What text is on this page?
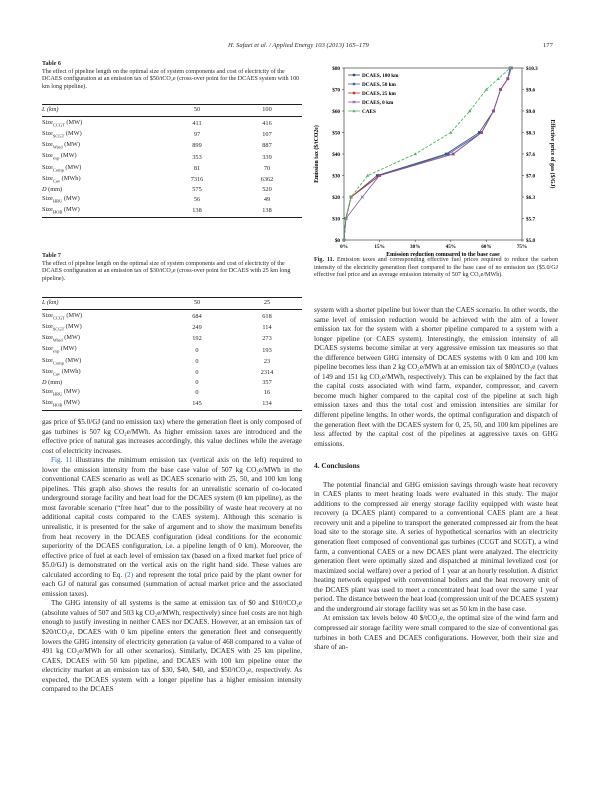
H. Safaei et al. / Applied Energy 103 (2013) 165–179	177
Table 6
The effect of pipeline length on the optimal size of system components and cost of electricity of the DCAES configuration at an emission tax of $50/tCO₂e (cross-over point for the DCAES system with 100 km long pipeline).
L (km)	50	100
Size$_{CCGT}$ (MW)	411	416
Size$_{SCGT}$ (MW)	97	107
Size$_{Wind}$ (MW)	899	887
Size$_{exp}$ (MW)	353	339
Size$_{Comp}$ (MW)	81	70
Size$_{Cav}$ (MWh)	7316	6362
D (mm)	575	520
Size$_{HRU}$ (MW)	56	49
Size$_{HOB}$ (MW)	138	138
Table 7
The effect of pipeline length on the optimal size of system components and cost of electricity of the DCAES configuration at an emission tax of $30/tCO₂e (cross-over point for DCAES with 25 km long pipeline).
L (km)	50	25
Size$_{CCGT}$ (MW)	684	618
Size$_{SCGT}$ (MW)	249	114
Size$_{Wind}$ (MW)	192	273
Size$_{exp}$ (MW)	0	193
Size$_{Comp}$ (MW)	0	23
Size$_{Cav}$ (MWh)	0	2314
D (mm)	0	357
Size$_{HRU}$ (MW)	0	16
Size$_{HOB}$ (MW)	145	134

gas price of $5.0/GJ (and no emission tax) where the generation fleet is only composed of gas turbines is 507 kg CO₂e/MWh. As higher emission taxes are introduced and the effective price of natural gas increases accordingly, this value declines while the average cost of electricity increases.

Fig. 11 illustrates the minimum emission tax (vertical axis on the left) required to lower the emission intensity from the base case value of 507 kg CO₂e/MWh in the conventional CAES scenario as well as DCAES scenario with 25, 50, and 100 km long pipelines. This graph also shows the results for an unrealistic scenario of co-located underground storage facility and heat load for the DCAES system (0 km pipeline), as the most favorable scenario (“free heat” due to the possibility of waste heat recovery at no additional capital costs compared to the CAES system). Although this scenario is unrealistic, it is presented for the sake of argument and to show the maximum benefits from heat recovery in the DCAES configuration (ideal conditions for the economic superiority of the DCAES configuration, i.e. a pipeline length of 0 km). Moreover, the effective price of fuel at each level of emission tax (based on a fixed market fuel price of $5.0/GJ) is demonstrated on the vertical axis on the right hand side. These values are calculated according to Eq. (2) and represent the total price paid by the plant owner for each GJ of natural gas consumed (summation of actual market price and the associated emission taxes).

The GHG intensity of all systems is the same at emission tax of $0 and $10/tCO₂e (absolute values of 507 and 503 kg CO₂e/MWh, respectively) since fuel costs are not high enough to justify investing in neither CAES nor DCAES. However, at an emission tax of $20/tCO₂e, DCAES with 0 km pipeline enters the generation fleet and consequently lowers the GHG intensity of electricity generation (a value of 468 compared to a value of 491 kg CO₂e/MWh for all other scenarios). Similarly, DCAES with 25 km pipeline, CAES, DCAES with 50 km pipeline, and DCAES with 100 km pipeline enter the electricity market at an emission tax of $30, $40, $40, and $50/tCO₂e, respectively. As expected, the DCAES system with a longer pipeline has a higher emission intensity compared to the DCAES

$0
$10
$20
$30
$40
$50
$60
$70
$80
$5.0
$5.7
$6.3
$7.0
$7.6
$8.3
$9.0
$9.6
$10.3
0%	15%	30%	45%	60%	75%
Emission reduction compared to the base case
Emission tax ($/tCO2e)	Effective price of gas ($/GJ)
DCAES, 100 km
DCAES, 50 km
DCAES, 25 km
DCAES, 0 km
CAES
Fig. 11. Emission taxes and corresponding effective fuel prices required to reduce the carbon intensity of the electricity generation fleet compared to the base case of no emission tax ($5.0/GJ effective fuel price and an average emission intensity of 507 kg CO₂e/MWh).

system with a shorter pipeline but lower than the CAES scenario. In other words, the same level of emission reduction would be achieved with the aim of a lower emission tax for the system with a shorter pipeline compared to a system with a longer pipeline (or CAES system). Interestingly, the emission intensity of all DCAES systems become similar at very aggressive emission tax measures so that the difference between GHG intensity of DCAES systems with 0 km and 100 km pipeline becomes less than 2 kg CO₂e/MWh at an emission tax of $80/tCO₂e (values of 149 and 151 kg CO₂e/MWh, respectively). This can be explained by the fact that the capital costs associated with wind farm, expander, compressor, and cavern become much higher compared to the capital cost of the pipeline at such high emission taxes and thus the total cost and emission intensities are similar for different pipeline lengths. In other words, the optimal configuration and dispatch of the generation fleet with the DCAES system for 0, 25, 50, and 100 km pipelines are less affected by the capital cost of the pipelines at aggressive taxes on GHG emissions.

4. Conclusions

The potential financial and GHG emission savings through waste heat recovery in CAES plants to meet heating loads were evaluated in this study. The major additions to the compressed air energy storage facility equipped with waste heat recovery (a DCAES plant) compared to a conventional CAES plant are a heat recovery unit and a pipeline to transport the generated compressed air from the heat load site to the storage site. A series of hypothetical scenarios with an electricity generation fleet composed of conventional gas turbines (CCGT and SCGT), a wind farm, a conventional CAES or a new DCAES plant were analyzed. The electricity generation fleet were optimally sized and dispatched at minimal levelized cost (or maximized social welfare) over a period of 1 year at an hourly resolution. A district heating network equipped with conventional boilers and the heat recovery unit of the DCAES plant was used to meet a concentrated heat load over the same 1 year period. The distance between the heat load (compression unit of the DCAES system) and the underground air storage facility was set as 50 km in the base case.

At emission tax levels below 40 $/tCO₂e, the optimal size of the wind farm and compressed air storage facility were small compared to the size of conventional gas turbines in both CAES and DCAES configurations. However, both their size and share of an-
